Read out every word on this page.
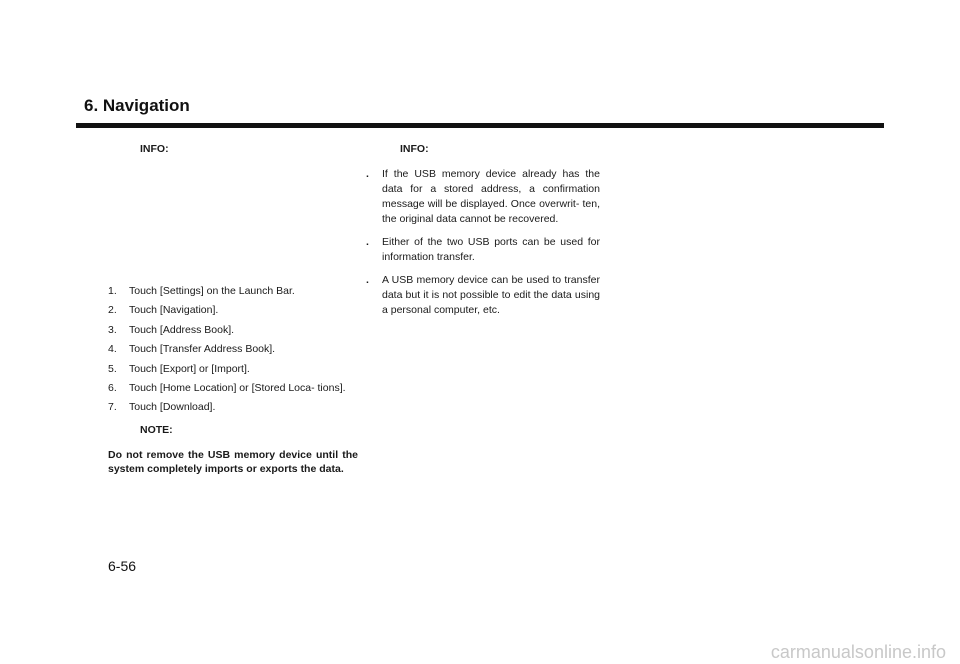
6. Navigation
INFO:
1.	Touch [Settings] on the Launch Bar.
2.	Touch [Navigation].
3.	Touch [Address Book].
4.	Touch [Transfer Address Book].
5.	Touch [Export] or [Import].
6.	Touch [Home Location] or [Stored Loca- tions].
7.	Touch [Download].
NOTE:
Do not remove the USB memory device until the system completely imports or exports the data.
INFO:
.	If the USB memory device already has the data for a stored address, a confirmation message will be displayed. Once overwrit- ten, the original data cannot be recovered.
.	Either of the two USB ports can be used for information transfer.
.	A USB memory device can be used to transfer data but it is not possible to edit the data using a personal computer, etc.
6-56
carmanualsonline.info
